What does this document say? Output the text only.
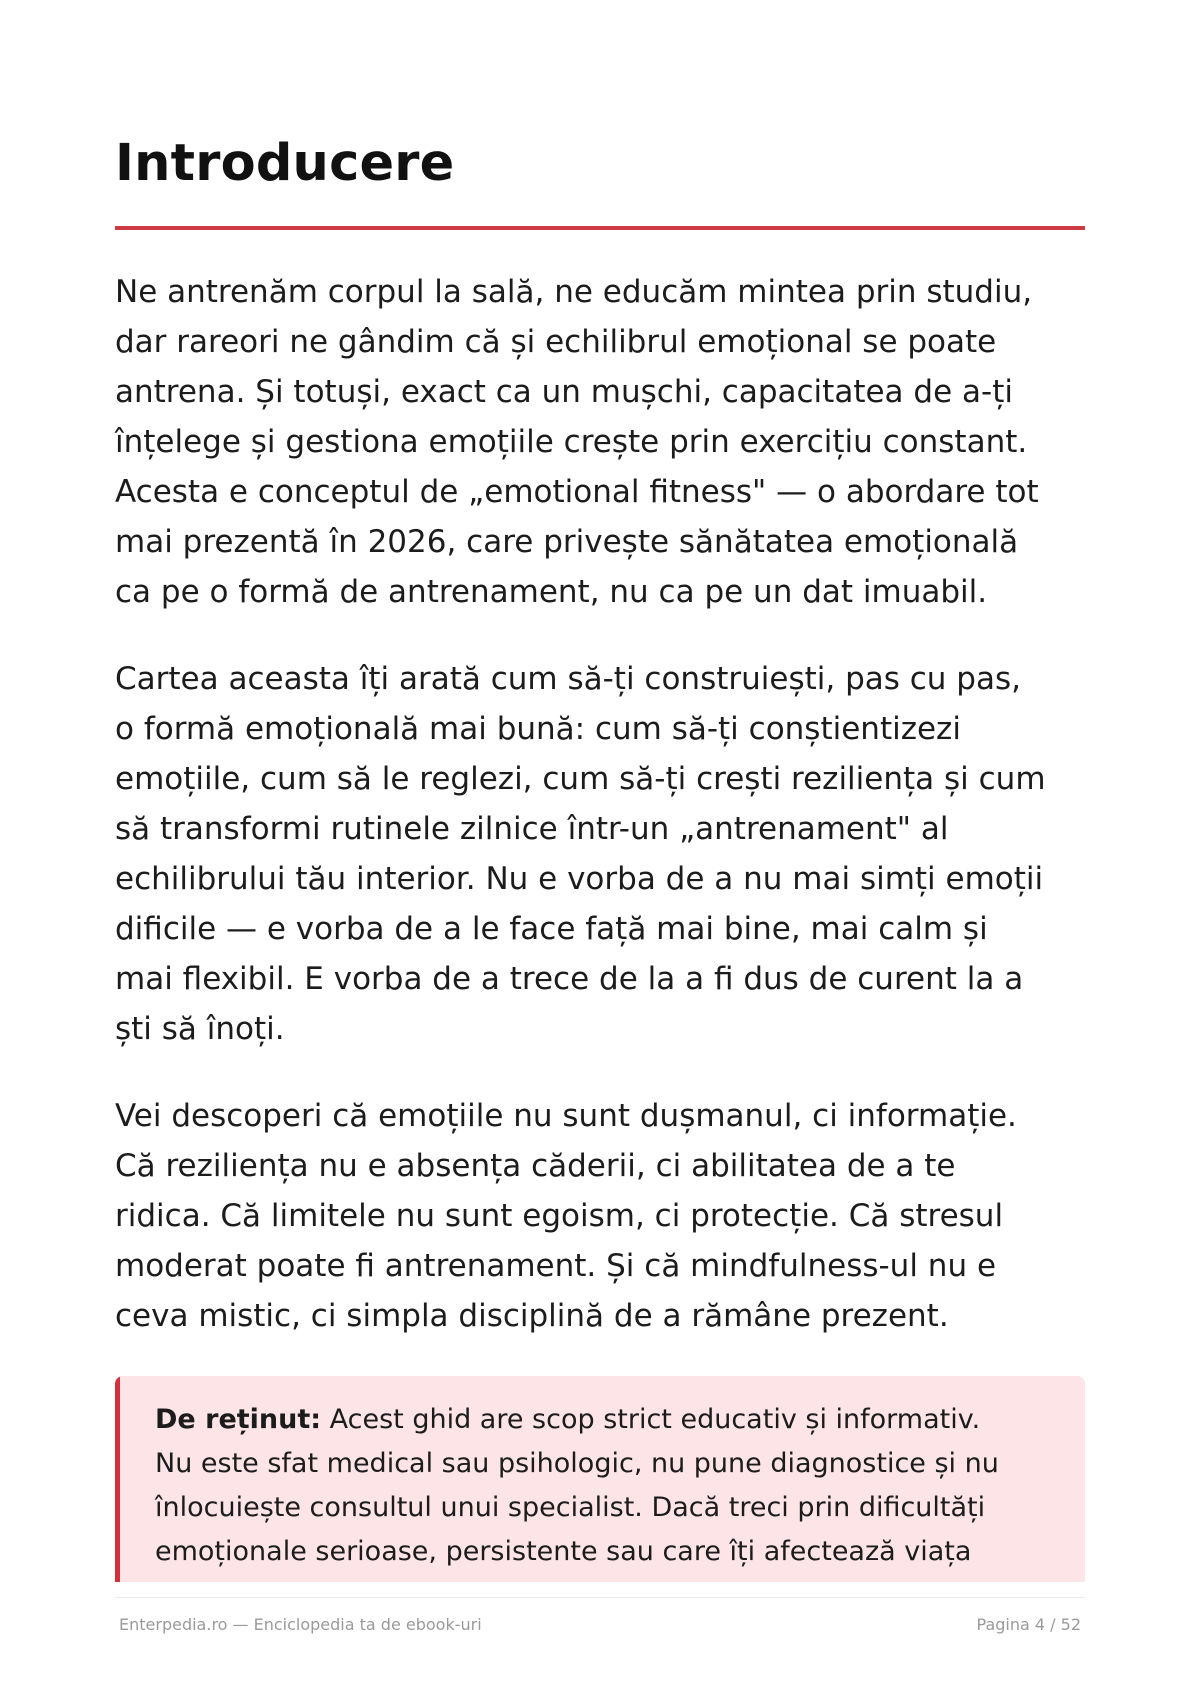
Introducere

Ne antrenăm corpul la sală, ne educăm mintea prin studiu,
dar rareori ne gândim că și echilibrul emoțional se poate
antrena. Și totuși, exact ca un mușchi, capacitatea de a-ți
înțelege și gestiona emoțiile crește prin exercițiu constant.
Acesta e conceptul de „emotional fitness" — o abordare tot
mai prezentă în 2026, care privește sănătatea emoțională
ca pe o formă de antrenament, nu ca pe un dat imuabil.

Cartea aceasta îți arată cum să-ți construiești, pas cu pas,
o formă emoțională mai bună: cum să-ți conștientizezi
emoțiile, cum să le reglezi, cum să-ți crești reziliența și cum
să transformi rutinele zilnice într-un „antrenament" al
echilibrului tău interior. Nu e vorba de a nu mai simți emoții
dificile — e vorba de a le face față mai bine, mai calm și
mai flexibil. E vorba de a trece de la a fi dus de curent la a
ști să înoți.

Vei descoperi că emoțiile nu sunt dușmanul, ci informație.
Că reziliența nu e absența căderii, ci abilitatea de a te
ridica. Că limitele nu sunt egoism, ci protecție. Că stresul
moderat poate fi antrenament. Și că mindfulness-ul nu e
ceva mistic, ci simpla disciplină de a rămâne prezent.

De reținut: Acest ghid are scop strict educativ și informativ.
Nu este sfat medical sau psihologic, nu pune diagnostice și nu
înlocuiește consultul unui specialist. Dacă treci prin dificultăți
emoționale serioase, persistente sau care îți afectează viața

Enterpedia.ro — Enciclopedia ta de ebook-uri	Pagina 4 / 52
